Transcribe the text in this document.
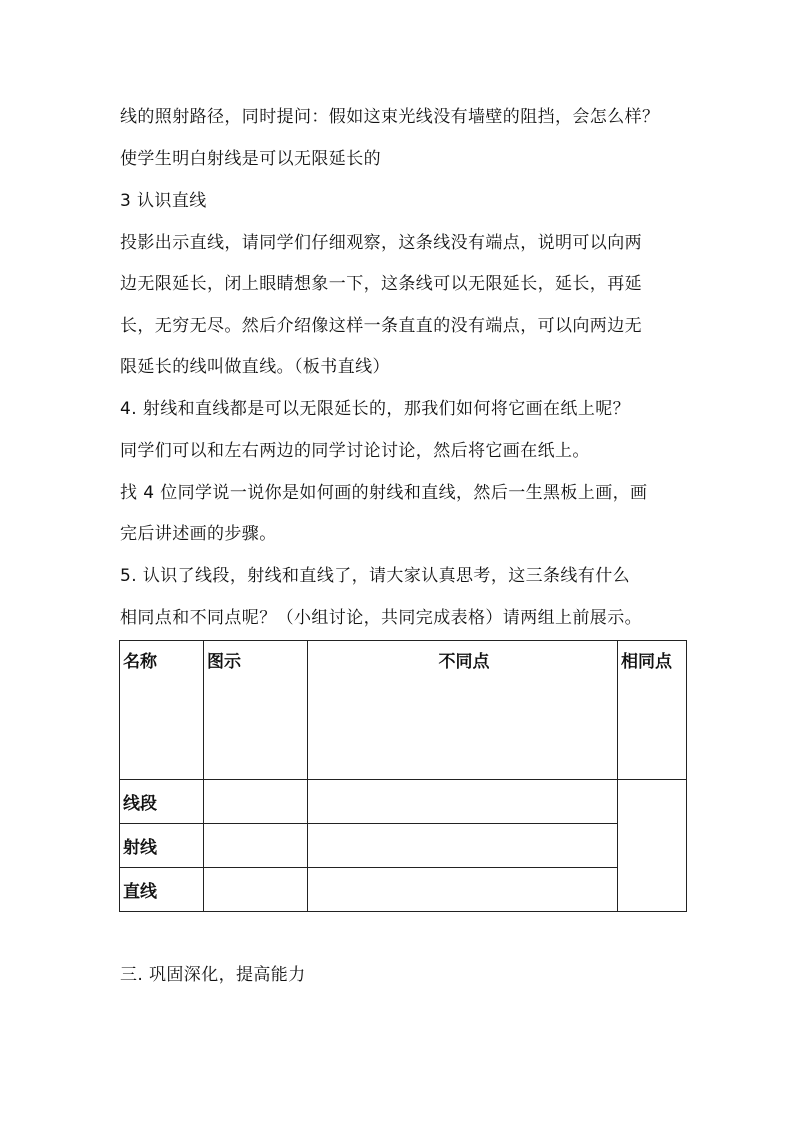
线的照射路径，同时提问：假如这束光线没有墙壁的阻挡，会怎么样？
使学生明白射线是可以无限延长的
3 认识直线
投影出示直线，请同学们仔细观察，这条线没有端点，说明可以向两
边无限延长，闭上眼睛想象一下，这条线可以无限延长，延长，再延
长，无穷无尽。然后介绍像这样一条直直的没有端点，可以向两边无
限延长的线叫做直线。（板书直线）
4. 射线和直线都是可以无限延长的，那我们如何将它画在纸上呢？
同学们可以和左右两边的同学讨论讨论，然后将它画在纸上。
找 4 位同学说一说你是如何画的射线和直线，然后一生黑板上画，画
完后讲述画的步骤。
5. 认识了线段，射线和直线了，请大家认真思考，这三条线有什么
相同点和不同点呢？（小组讨论，共同完成表格）请两组上前展示。
名称	图示	不同点	相同点
线段			
射线			
直线			
三. 巩固深化，提高能力
